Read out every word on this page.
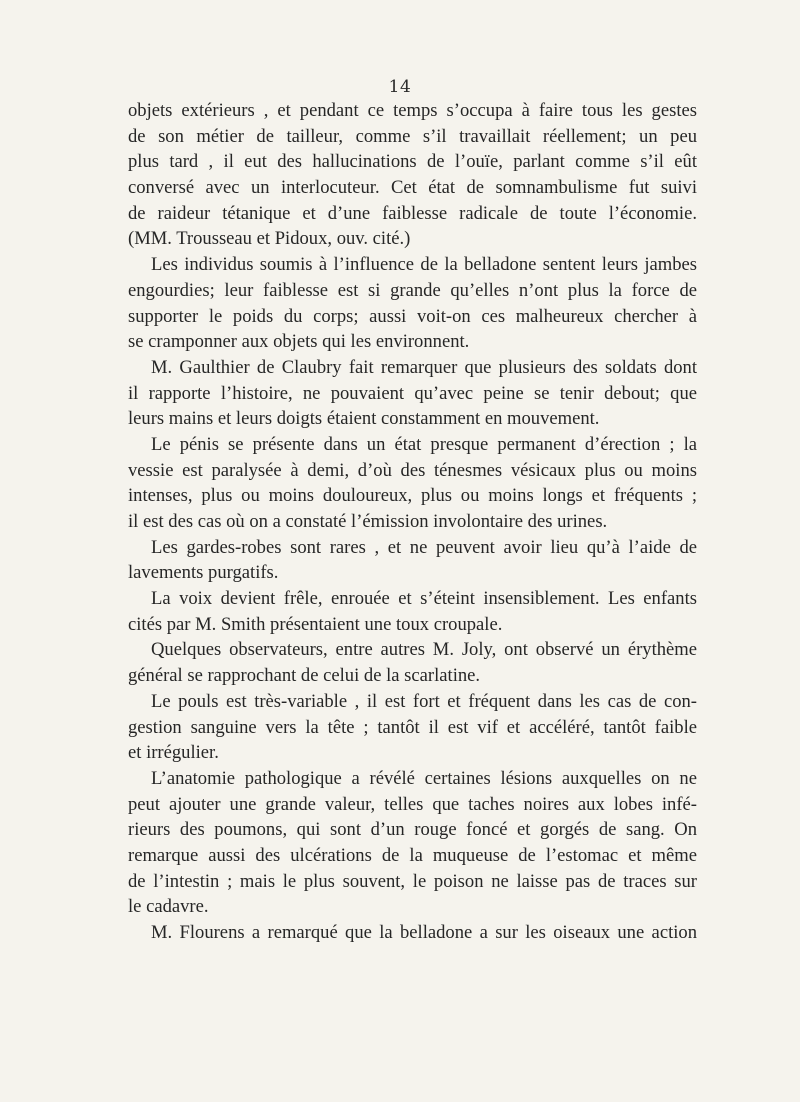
14
objets extérieurs , et pendant ce temps s’occupa à faire tous les gestes
de son métier de tailleur, comme s’il travaillait réellement; un peu
plus tard , il eut des hallucinations de l’ouïe, parlant comme s’il eût
conversé avec un interlocuteur. Cet état de somnambulisme fut suivi
de raideur tétanique et d’une faiblesse radicale de toute l’économie.
(MM. Trousseau et Pidoux, ouv. cité.)
Les individus soumis à l’influence de la belladone sentent leurs jambes
engourdies; leur faiblesse est si grande qu’elles n’ont plus la force de
supporter le poids du corps; aussi voit-on ces malheureux chercher à
se cramponner aux objets qui les environnent.
M. Gaulthier de Claubry fait remarquer que plusieurs des soldats dont
il rapporte l’histoire, ne pouvaient qu’avec peine se tenir debout; que
leurs mains et leurs doigts étaient constamment en mouvement.
Le pénis se présente dans un état presque permanent d’érection ; la
vessie est paralysée à demi, d’où des ténesmes vésicaux plus ou moins
intenses, plus ou moins douloureux, plus ou moins longs et fréquents ;
il est des cas où on a constaté l’émission involontaire des urines.
Les gardes-robes sont rares , et ne peuvent avoir lieu qu’à l’aide de
lavements purgatifs.
La voix devient frêle, enrouée et s’éteint insensiblement. Les enfants
cités par M. Smith présentaient une toux croupale.
Quelques observateurs, entre autres M. Joly, ont observé un érythème
général se rapprochant de celui de la scarlatine.
Le pouls est très-variable , il est fort et fréquent dans les cas de con-
gestion sanguine vers la tête ; tantôt il est vif et accéléré, tantôt faible
et irrégulier.
L’anatomie pathologique a révélé certaines lésions auxquelles on ne
peut ajouter une grande valeur, telles que taches noires aux lobes infé-
rieurs des poumons, qui sont d’un rouge foncé et gorgés de sang. On
remarque aussi des ulcérations de la muqueuse de l’estomac et même
de l’intestin ; mais le plus souvent, le poison ne laisse pas de traces sur
le cadavre.
M. Flourens a remarqué que la belladone a sur les oiseaux une action
